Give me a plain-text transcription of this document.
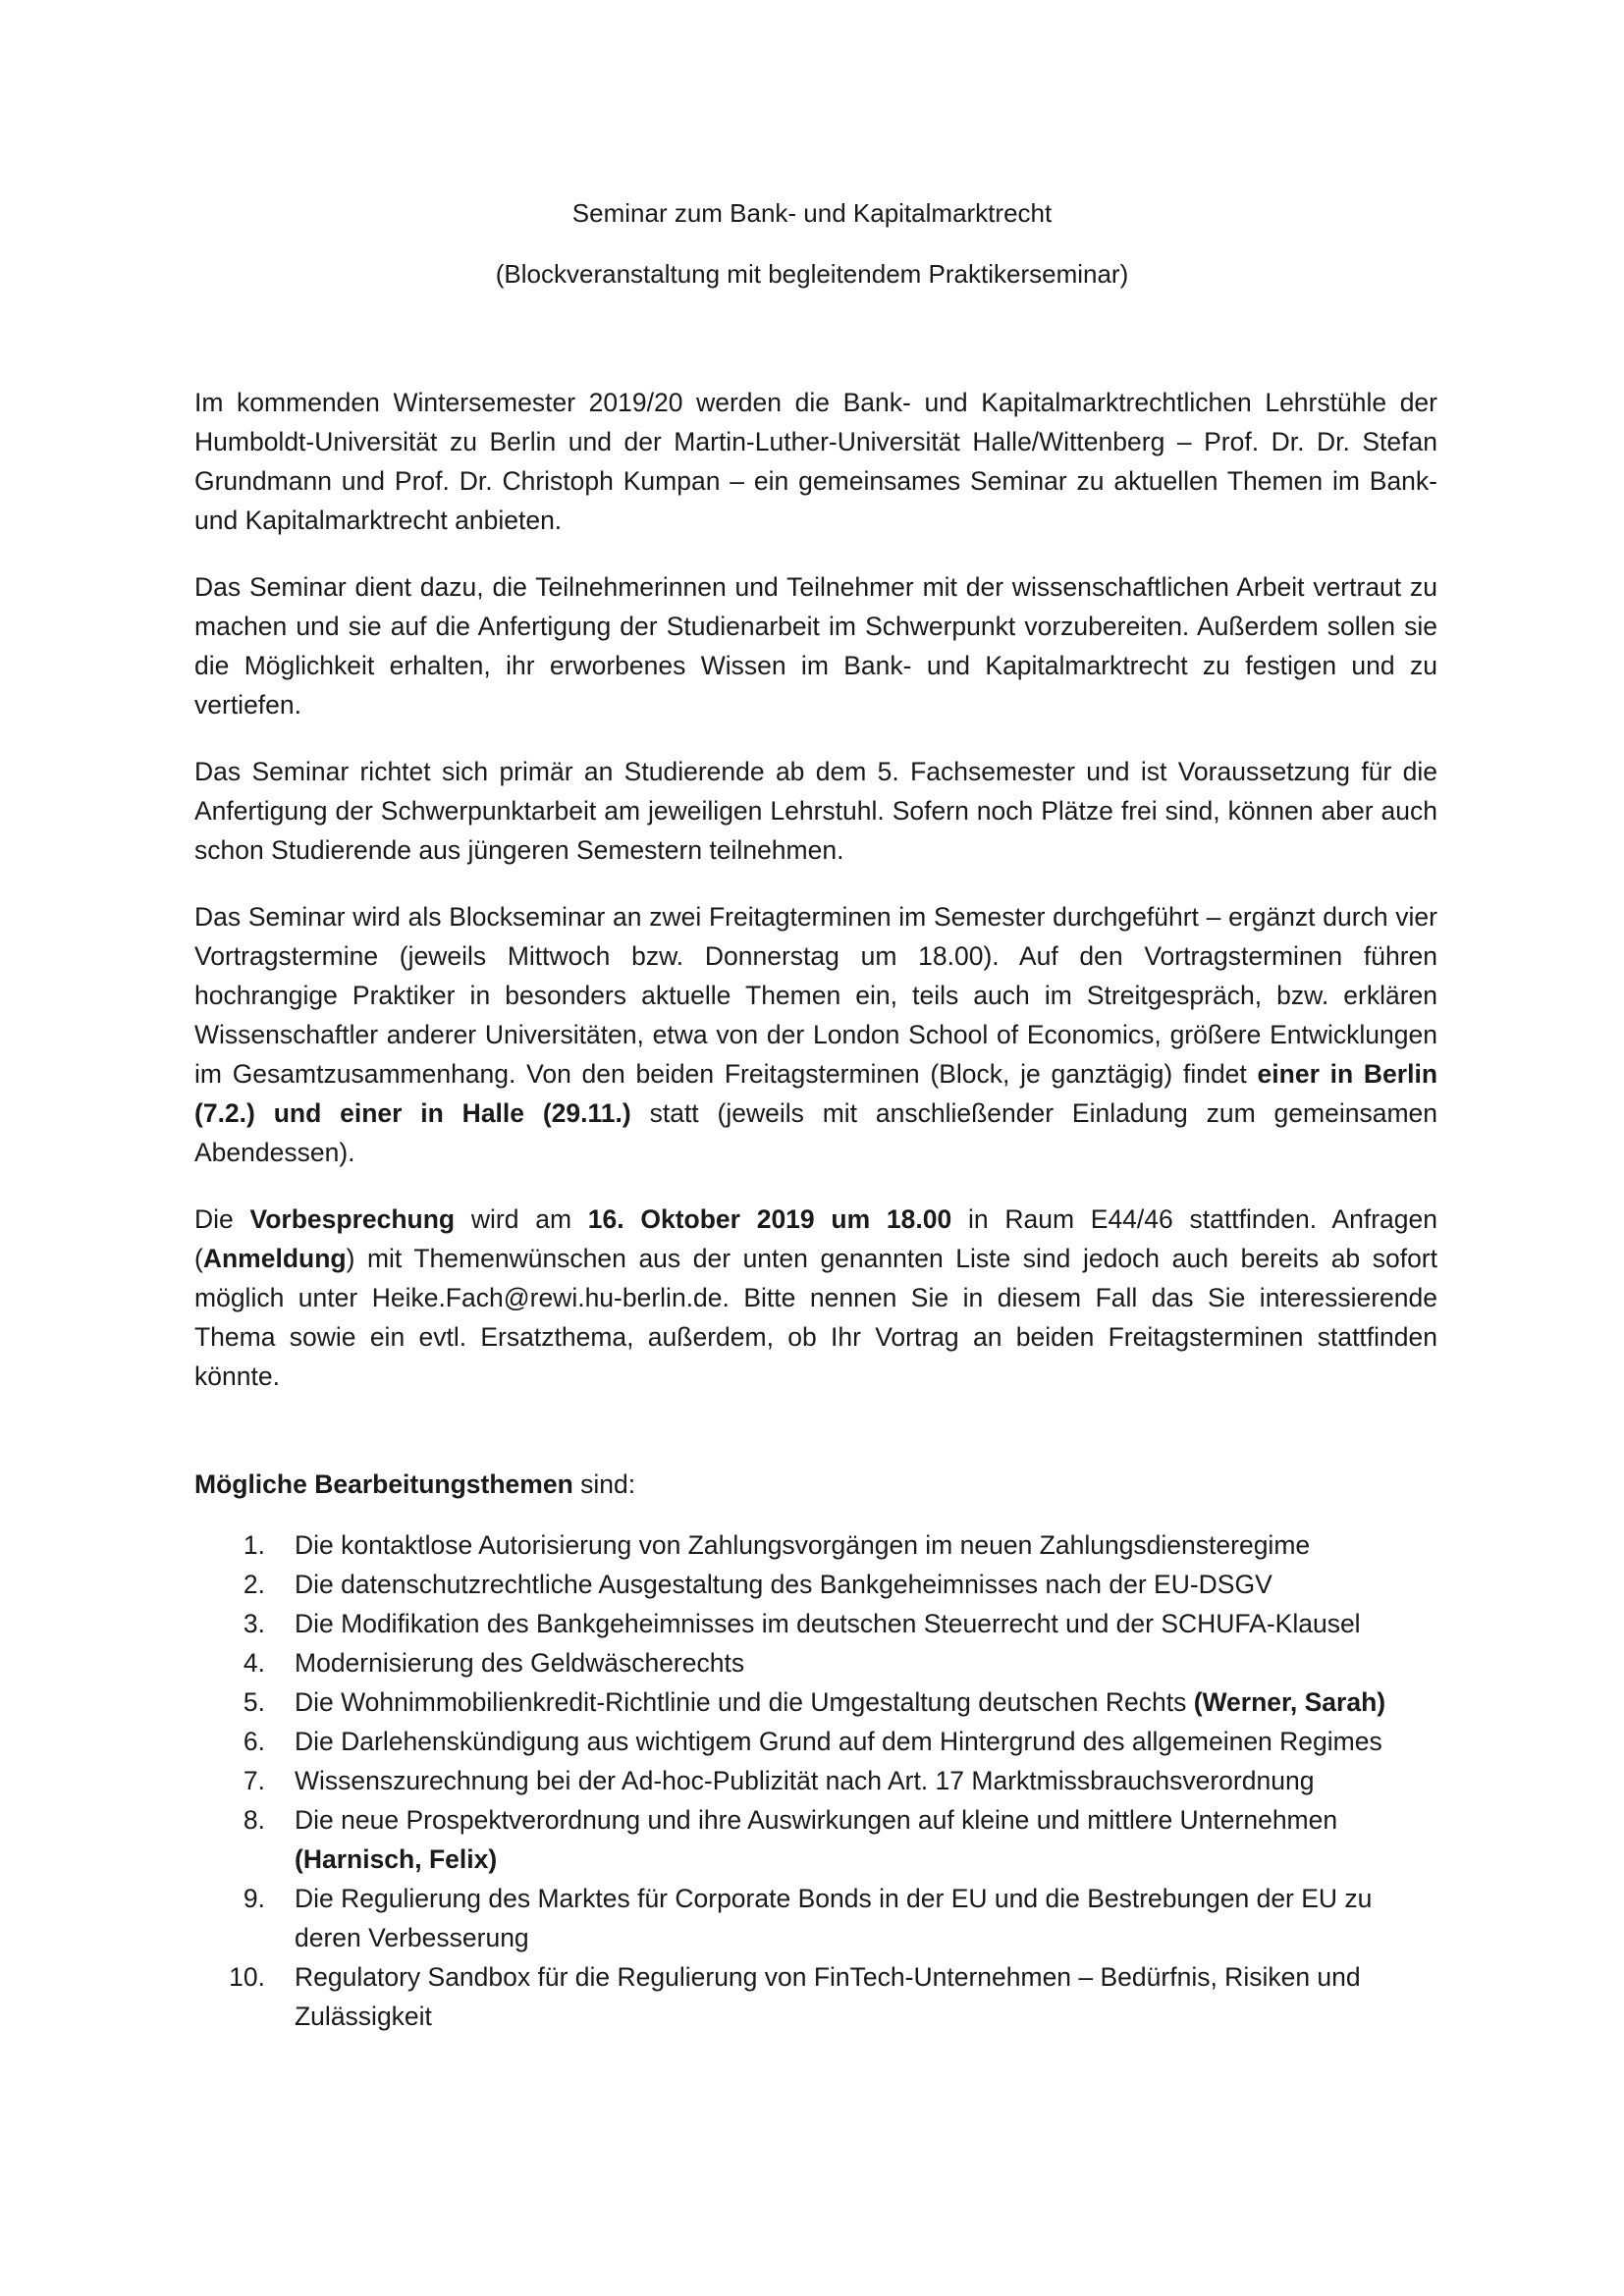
Seminar zum Bank- und Kapitalmarktrecht
(Blockveranstaltung mit begleitendem Praktikerseminar)

Im kommenden Wintersemester 2019/20 werden die Bank- und Kapitalmarktrechtlichen Lehrstühle der Humboldt-Universität zu Berlin und der Martin-Luther-Universität Halle/Wittenberg – Prof. Dr. Dr. Stefan Grundmann und Prof. Dr. Christoph Kumpan – ein gemeinsames Seminar zu aktuellen Themen im Bank- und Kapitalmarktrecht anbieten.

Das Seminar dient dazu, die Teilnehmerinnen und Teilnehmer mit der wissenschaftlichen Arbeit vertraut zu machen und sie auf die Anfertigung der Studienarbeit im Schwerpunkt vorzubereiten. Außerdem sollen sie die Möglichkeit erhalten, ihr erworbenes Wissen im Bank- und Kapitalmarktrecht zu festigen und zu vertiefen.

Das Seminar richtet sich primär an Studierende ab dem 5. Fachsemester und ist Voraussetzung für die Anfertigung der Schwerpunktarbeit am jeweiligen Lehrstuhl. Sofern noch Plätze frei sind, können aber auch schon Studierende aus jüngeren Semestern teilnehmen.

Das Seminar wird als Blockseminar an zwei Freitagterminen im Semester durchgeführt – ergänzt durch vier Vortragstermine (jeweils Mittwoch bzw. Donnerstag um 18.00). Auf den Vortragsterminen führen hochrangige Praktiker in besonders aktuelle Themen ein, teils auch im Streitgespräch, bzw. erklären Wissenschaftler anderer Universitäten, etwa von der London School of Economics, größere Entwicklungen im Gesamtzusammenhang. Von den beiden Freitagsterminen (Block, je ganztägig) findet einer in Berlin (7.2.) und einer in Halle (29.11.) statt (jeweils mit anschließender Einladung zum gemeinsamen Abendessen).

Die Vorbesprechung wird am 16. Oktober 2019 um 18.00 in Raum E44/46 stattfinden. Anfragen (Anmeldung) mit Themenwünschen aus der unten genannten Liste sind jedoch auch bereits ab sofort möglich unter Heike.Fach@rewi.hu-berlin.de. Bitte nennen Sie in diesem Fall das Sie interessierende Thema sowie ein evtl. Ersatzthema, außerdem, ob Ihr Vortrag an beiden Freitagsterminen stattfinden könnte.

Mögliche Bearbeitungsthemen sind:

1. Die kontaktlose Autorisierung von Zahlungsvorgängen im neuen Zahlungsdiensteregime
2. Die datenschutzrechtliche Ausgestaltung des Bankgeheimnisses nach der EU-DSGV
3. Die Modifikation des Bankgeheimnisses im deutschen Steuerrecht und der SCHUFA-Klausel
4. Modernisierung des Geldwäscherechts
5. Die Wohnimmobilienkredit-Richtlinie und die Umgestaltung deutschen Rechts (Werner, Sarah)
6. Die Darlehenskündigung aus wichtigem Grund auf dem Hintergrund des allgemeinen Regimes
7. Wissenszurechnung bei der Ad-hoc-Publizität nach Art. 17 Marktmissbrauchsverordnung
8. Die neue Prospektverordnung und ihre Auswirkungen auf kleine und mittlere Unternehmen (Harnisch, Felix)
9. Die Regulierung des Marktes für Corporate Bonds in der EU und die Bestrebungen der EU zu deren Verbesserung
10. Regulatory Sandbox für die Regulierung von FinTech-Unternehmen – Bedürfnis, Risiken und Zulässigkeit
